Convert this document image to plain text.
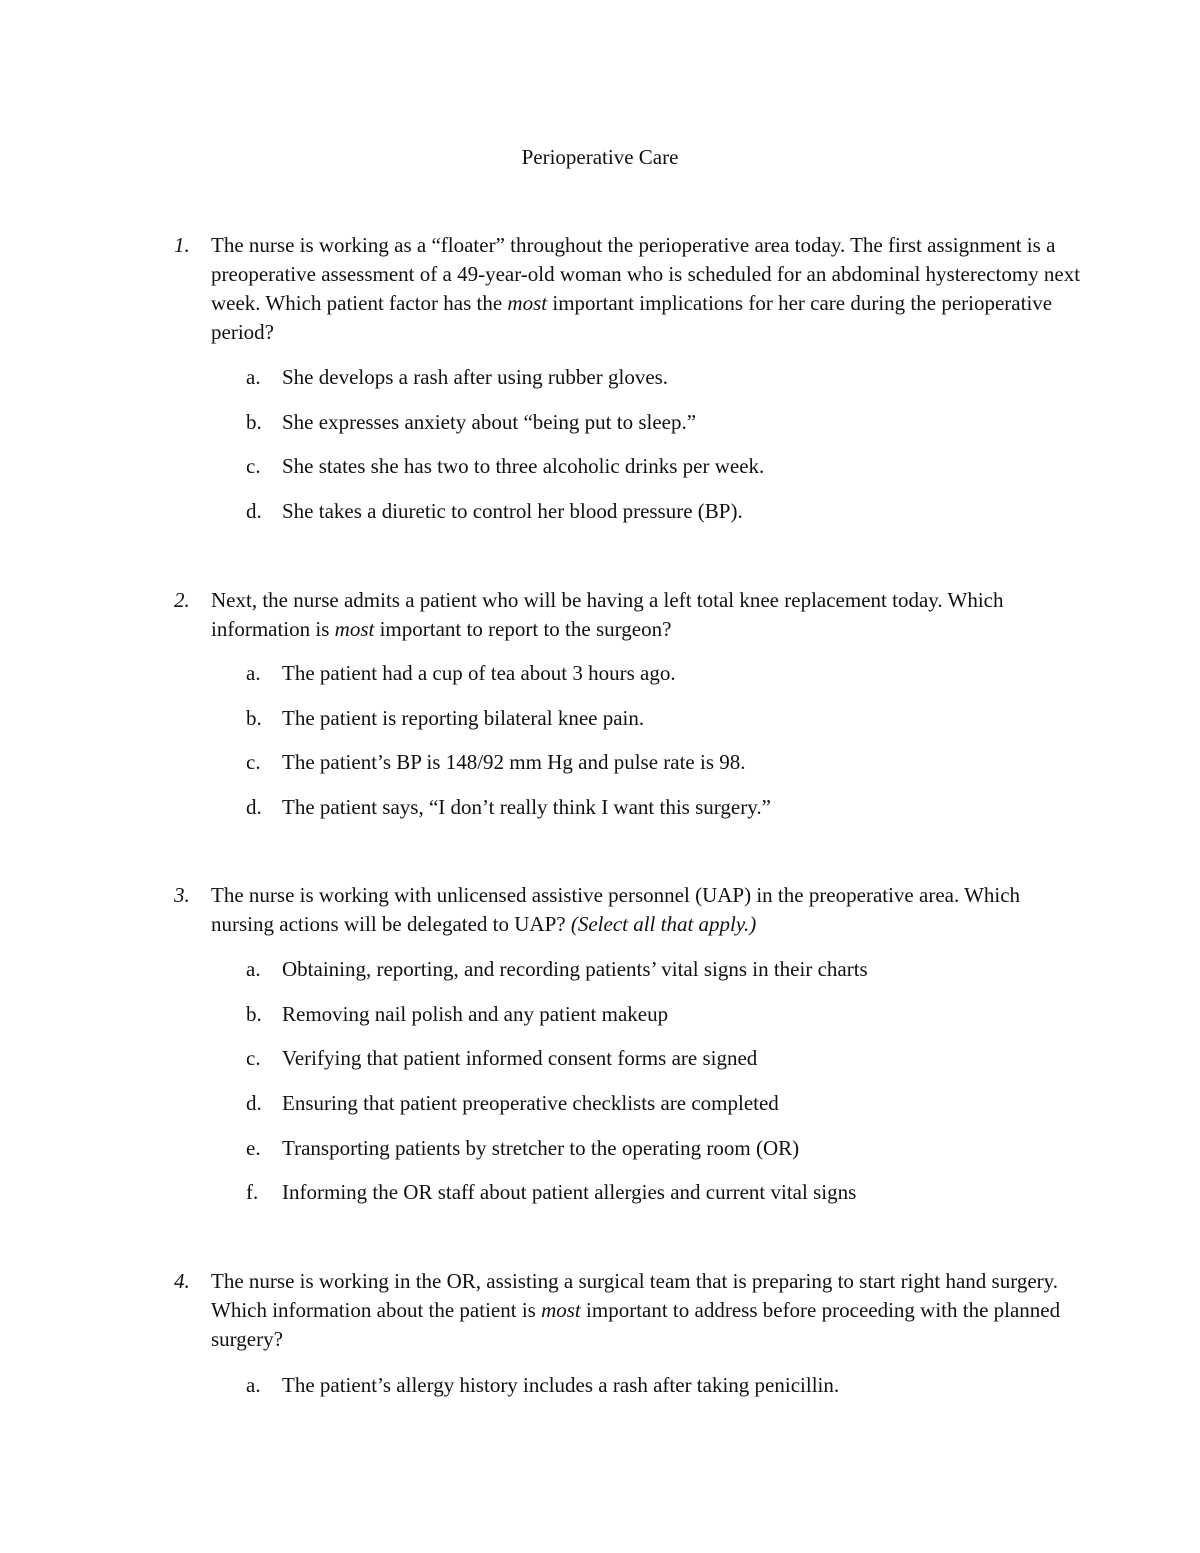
Perioperative Care
1. The nurse is working as a “floater” throughout the perioperative area today. The first assignment is a preoperative assessment of a 49-year-old woman who is scheduled for an abdominal hysterectomy next week. Which patient factor has the most important implications for her care during the perioperative period?
a. She develops a rash after using rubber gloves.
b. She expresses anxiety about “being put to sleep.”
c. She states she has two to three alcoholic drinks per week.
d. She takes a diuretic to control her blood pressure (BP).
2. Next, the nurse admits a patient who will be having a left total knee replacement today. Which information is most important to report to the surgeon?
a. The patient had a cup of tea about 3 hours ago.
b. The patient is reporting bilateral knee pain.
c. The patient’s BP is 148/92 mm Hg and pulse rate is 98.
d. The patient says, “I don’t really think I want this surgery.”
3. The nurse is working with unlicensed assistive personnel (UAP) in the preoperative area. Which nursing actions will be delegated to UAP? (Select all that apply.)
a. Obtaining, reporting, and recording patients’ vital signs in their charts
b. Removing nail polish and any patient makeup
c. Verifying that patient informed consent forms are signed
d. Ensuring that patient preoperative checklists are completed
e. Transporting patients by stretcher to the operating room (OR)
f. Informing the OR staff about patient allergies and current vital signs
4. The nurse is working in the OR, assisting a surgical team that is preparing to start right hand surgery. Which information about the patient is most important to address before proceeding with the planned surgery?
a. The patient’s allergy history includes a rash after taking penicillin.
